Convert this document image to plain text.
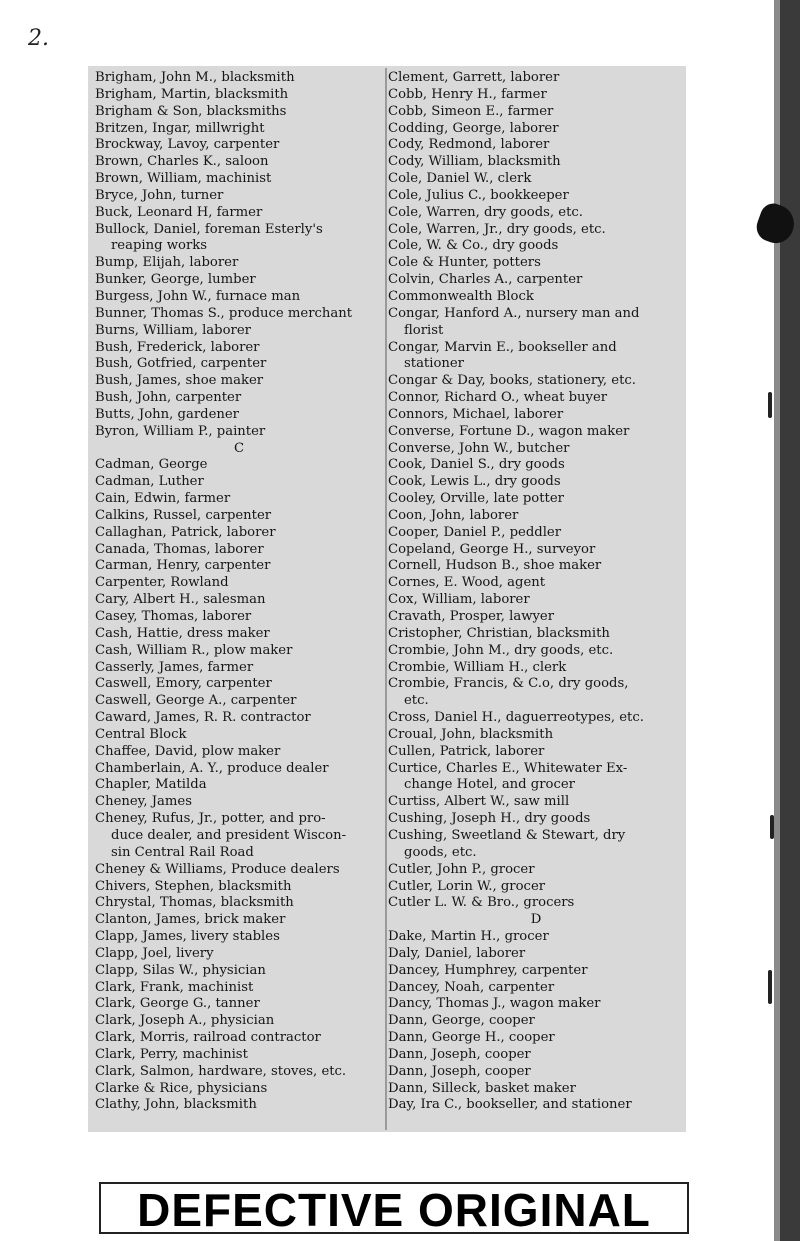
2.
Brigham, John M., blacksmith
Brigham, Martin, blacksmith
Brigham & Son, blacksmiths
Britzen, Ingar, millwright
Brockway, Lavoy, carpenter
Brown, Charles K., saloon
Brown, William, machinist
Bryce, John, turner
Buck, Leonard H, farmer
Bullock, Daniel, foreman Esterly's
reaping works
Bump, Elijah, laborer
Bunker, George, lumber
Burgess, John W., furnace man
Bunner, Thomas S., produce merchant
Burns, William, laborer
Bush, Frederick, laborer
Bush, Gotfried, carpenter
Bush, James, shoe maker
Bush, John, carpenter
Butts, John, gardener
Byron, William P., painter
C
Cadman, George
Cadman, Luther
Cain, Edwin, farmer
Calkins, Russel, carpenter
Callaghan, Patrick, laborer
Canada, Thomas, laborer
Carman, Henry, carpenter
Carpenter, Rowland
Cary, Albert H., salesman
Casey, Thomas, laborer
Cash, Hattie, dress maker
Cash, William R., plow maker
Casserly, James, farmer
Caswell, Emory, carpenter
Caswell, George A., carpenter
Caward, James, R. R. contractor
Central Block
Chaffee, David, plow maker
Chamberlain, A. Y., produce dealer
Chapler, Matilda
Cheney, James
Cheney, Rufus, Jr., potter, and pro-
duce dealer, and president Wiscon-
sin Central Rail Road
Cheney & Williams, Produce dealers
Chivers, Stephen, blacksmith
Chrystal, Thomas, blacksmith
Clanton, James, brick maker
Clapp, James, livery stables
Clapp, Joel, livery
Clapp, Silas W., physician
Clark, Frank, machinist
Clark, George G., tanner
Clark, Joseph A., physician
Clark, Morris, railroad contractor
Clark, Perry, machinist
Clark, Salmon, hardware, stoves, etc.
Clarke & Rice, physicians
Clathy, John, blacksmith
Clement, Garrett, laborer
Cobb, Henry H., farmer
Cobb, Simeon E., farmer
Codding, George, laborer
Cody, Redmond, laborer
Cody, William, blacksmith
Cole, Daniel W., clerk
Cole, Julius C., bookkeeper
Cole, Warren, dry goods, etc.
Cole, Warren, Jr., dry goods, etc.
Cole, W. & Co., dry goods
Cole & Hunter, potters
Colvin, Charles A., carpenter
Commonwealth Block
Congar, Hanford A., nursery man and
florist
Congar, Marvin E., bookseller and
stationer
Congar & Day, books, stationery, etc.
Connor, Richard O., wheat buyer
Connors, Michael, laborer
Converse, Fortune D., wagon maker
Converse, John W., butcher
Cook, Daniel S., dry goods
Cook, Lewis L., dry goods
Cooley, Orville, late potter
Coon, John, laborer
Cooper, Daniel P., peddler
Copeland, George H., surveyor
Cornell, Hudson B., shoe maker
Cornes, E. Wood, agent
Cox, William, laborer
Cravath, Prosper, lawyer
Cristopher, Christian, blacksmith
Crombie, John M., dry goods, etc.
Crombie, William H., clerk
Crombie, Francis, & C.o, dry goods,
etc.
Cross, Daniel H., daguerreotypes, etc.
Croual, John, blacksmith
Cullen, Patrick, laborer
Curtice, Charles E., Whitewater Ex-
change Hotel, and grocer
Curtiss, Albert W., saw mill
Cushing, Joseph H., dry goods
Cushing, Sweetland & Stewart, dry
goods, etc.
Cutler, John P., grocer
Cutler, Lorin W., grocer
Cutler L. W. & Bro., grocers
D
Dake, Martin H., grocer
Daly, Daniel, laborer
Dancey, Humphrey, carpenter
Dancey, Noah, carpenter
Dancy, Thomas J., wagon maker
Dann, George, cooper
Dann, George H., cooper
Dann, Joseph, cooper
Dann, Joseph, cooper
Dann, Silleck, basket maker
Day, Ira C., bookseller, and stationer
DEFECTIVE ORIGINAL
